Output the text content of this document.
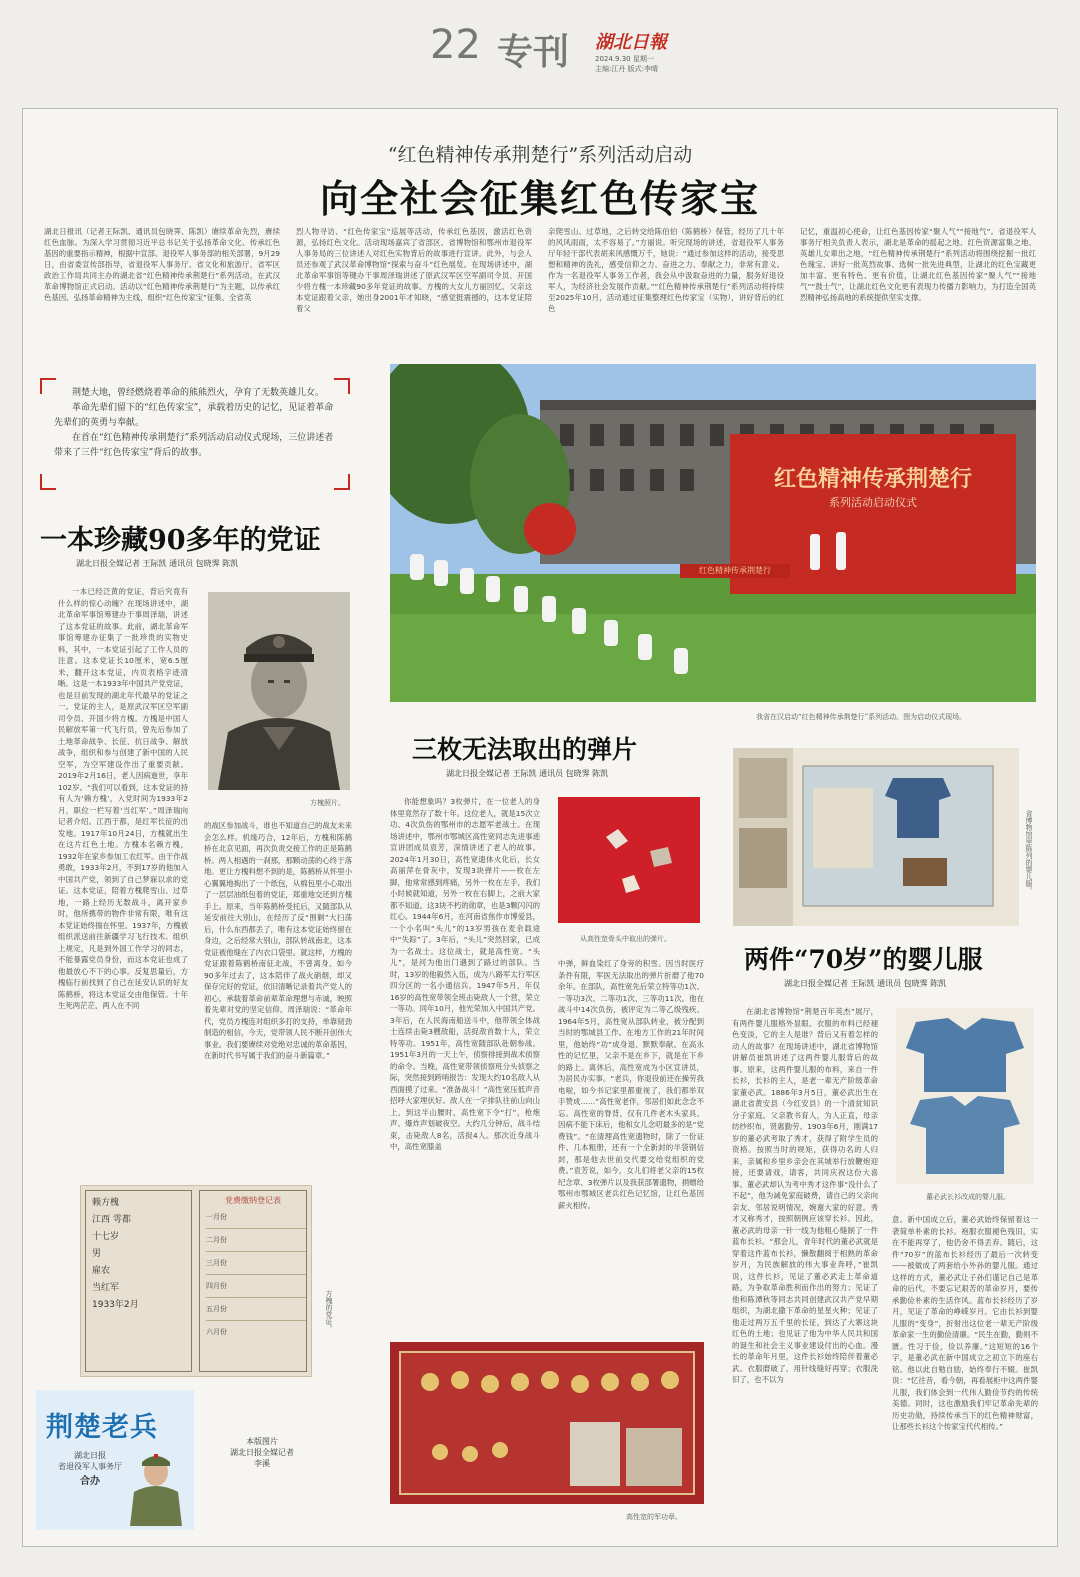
22 专刊 湖北日報
2024.9.30 星期一
主编:江丹 版式:李晴
“红色精神传承荆楚行”系列活动启动
向全社会征集红色传家宝
湖北日报讯（记者王际凯、通讯员包晓霁、陈凯）赓续革命先烈，赓续红色血脉。为深入学习贯彻习近平总书记关于弘扬革命文化、传承红色基因的重要指示精神，根据中宣部、退役军人事务部的相关部署，9月29日，由省委宣传部指导，省退役军人事务厅、省文化和旅游厅、省军区政治工作局共同主办的湖北省“红色精神传承荆楚行”系列活动，在武汉革命博物馆正式启动。活动以“红色精神传承荆楚行”为主题，以传承红色基因、弘扬革命精神为主线，组织“红色传家宝”征集、全省英
烈人物寻访、“红色传家宝”巡展等活动，传承红色基因，激活红色资源，弘扬红色文化。活动现场嘉宾了省部区、省博物馆和鄂州市退役军人事务局的三位讲述人对红色实物背后的故事进行宣讲。此外，与会人员还参观了武汉革命博物馆“探索与奋斗”红色展览。在现场讲述中，湖北革命军事馆等键办干事周泽瑞讲述了原武汉军区空军副司令员、开国少将方槐一本珍藏90多年党证的故事。方槐的大女儿方丽回忆，父亲这本党证跟着父亲，她出身2001年才知晓，“感觉挺震撼的，这本党证陪着父
亲爬雪山、过草地，之后转交给陈伯伯（陈鹤桥）保管，经历了几十年的风风雨雨，太不容易了。”方丽说。听完现场的讲述，省退役军人事务厅年轻干部代表胡来风感慨万千，她说：“通过参加这样的活动，接受思想和精神的洗礼，感受信仰之力、奋进之力、奉献之力，非常有意义。作为一名退役军人事务工作者，我会从中汲取奋进的力量，服务好退役军人，为经济社会发展作贡献。”“红色精神传承荆楚行”系列活动将持续至2025年10月，活动通过征集整理红色传家宝（实物），讲好背后的红色
记忆，重温初心使命，让红色基因传家“聚人气”“接地气”。省退役军人事务厅相关负责人表示，湖北是革命的摇起之地、红色资源富集之地、英雄儿女辈出之地，“红色精神传承荆楚行”系列活动将围绕挖掘一批红色瑰宝、讲好一批英烈故事、选树一批先进典型，让湖北的红色宝藏更加丰富、更有特色、更有价值，让湖北红色基因传家“聚人气”“接地气”“鼓士气”，让湖北红色文化更有表现力传播力影响力，为打造全国英烈精神弘扬高地的系统提供坚实支撑。

荆楚大地，曾经燃烧着革命的熊熊烈火，孕育了无数英雄儿女。

革命先辈们留下的“红色传家宝”，承载着历史的记忆，见证着革命先辈们的英勇与奉献。

在首在“红色精神传承荆楚行”系列活动启动仪式现场，三位讲述者带来了三件“红色传家宝”背后的故事。

一本珍藏90多年的党证
湖北日报全媒记者 王际凯 通讯员 包晓霁 陈凯
一本已经泛黄的党证，背后究竟有什么样的惊心动魄？在现场讲述中，湖北革命军事馆筹建办干事周泽瑞，讲述了这本党证的故事。此前，湖北革命军事馆筹建办征集了一批珍贵的实物史料，其中，一本党证引起了工作人员的注意。这本党证长10厘米，宽6.5厘米，翻开这本党证，内页表格字迹清晰。这是一本1933年中国共产党党证，也是目前发现的湖北年代最早的党证之一。党证的主人，是原武汉军区空军副司令员、开国少将方槐。方槐是中国人民解放军第一代飞行员，曾先后参加了土地革命战争、长征、抗日战争、解放战争，组织和参与创建了新中国的人民空军，为空军建设作出了重要贡献。2019年2月16日，老人因病逝世，享年102岁。“我们可以看到，这本党证的持有人为‘赖方槐’，入党时间为1933年2月，职位一栏写着‘当红军’。”周泽瑞向记者介绍。江西于都，是红军长征的出发地。1917年10月24日，方槐就出生在这片红色土地。方槐本名赖方槐，1932年在家乡参加工农红军。由于作战勇敢，1933年2月，不到17岁的他加入中国共产党，领到了自己梦寐以求的党证。这本党证，陪着方槐爬雪山、过草地，一路上经历无数战斗，离开家乡时，他所携带的物件非常有限，唯有这本党证始终揣在怀里。1937年，方槐被组织派送前往新疆学习飞行技术。组织上规定，凡是到外国工作学习的同志，不能暴露党员身份，而这本党证也成了他最放心不下的心事。反复思量后，方槐临行前找到了自己在延安认识的好友陈鹤桥，将这本党证交由他保管。十年生死两茫茫，两人在不同
方槐照片。
的战区参加战斗，谁也不知道自己的战友未来会怎么样。机缘巧合，12年后，方槐和陈鹤桥在北京见面，再次负责交接工作的正是陈鹤桥。两人相遇的一刹那，那颗动荡的心终于落地。更让方槐料想不到的是，陈鹤桥从怀里小心翼翼地掏出了一个纸包，从棉包里小心取出了一层层油纸包着的党证，郑重地交还到方槐手上。原来，当年陈鹤桥受托后，又随部队从延安前往大别山，在经历了反“围剿”大扫荡后，什么东西都丢了，唯有这本党证始终留在身边，之后经常大别山，部队转战南北，这本党证被他缝在了内衣口袋里。就这样，方槐的党证跟着陈鹤桥南征北战，不曾离身。如今90多年过去了，这本陪伴了战火硝烟，却又保存完好的党证，依旧清晰记录着共产党人的初心，承载着革命前辈革命理想与赤诚，映照着先辈对党的坚定信仰。周泽瑞说：“革命年代，党员方槐连对组织多打的支持，单靠韧劲制造的相信，今天，党带领人民不断开创伟大事业。我们要赓续对党绝对忠诚的革命基因，在新时代书写属于我们的奋斗新篇章。”
赖方槐
江西 雩都
十七岁
男
雇农
当红军
1933年2月
党费缴纳登记表
一月份
二月份
三月份
四月份
五月份
六月份	方槐的党证。
荆楚老兵
湖北日报
省退役军人事务厅
合办
本版图片
湖北日报全媒记者
李溪
红色精神传承荆楚行
系列活动启动仪式
红色精神传承荆楚行
我省在汉启动“红色精神传承荆楚行”系列活动。图为启动仪式现场。
三枚无法取出的弹片
湖北日报全媒记者 王际凯 通讯员 包晓霁 陈凯
你能想象吗？3枚弹片，在一位老人的身体里竟然存了数十年。这位老人，就是15次立功、4次负伤的鄂州市的志愿军老战士。在现场讲述中，鄂州市鄂城区高性宽同志先进事迹宣讲团成员袁芳，深情讲述了老人的故事。2024年1月30日，高性宽遗体火化后，长女高丽萍在骨灰中，发现3块弹片——枚在左脚，他常常感到疼痛，另外一枚在左手，我们小时候就知道，另外一枚在右脚上，之前大家都不知道。这3块不朽的勋章，也是3颗闪闪的红心。1944年6月，在河南省焦作市博爱县，一个小名叫“头儿”的13岁男孩在麦余载途中“失踪”了。3年后，“头儿”突然回家，已成为一名战士。这位战士，就是高性宽。“头儿”，是河为他出门遇到了路过的部队。当时，13岁的他毅然入伍，成为八路军太行军区四分区的一名小通信兵。1947年5月，年仅16岁的高性宽带领全班击毙敌人一个营，荣立一等功。同年10月，他光荣加入中国共产党。3年后，在人民海南船送斗中，他带领全体战士连续击毙3艘敌船，活捉敌首数十人，荣立特等功。1951年，高性宽随部队赴朝参战。1951年3月的一天上午，侦察排接到战术侦察的命令。当晚，高性宽带领侦察班分头侦察之际，突然接到跨哨报告：发现大约10名敌人从西面摸了过来。“准备战斗！”高性宽压低声音招呼大家埋伏好。敌人在一字排队往前山向山上，到这半山腰时，高性宽下令“打”，枪炮声、爆炸声划破夜空。大约几分钟后，战斗结束，击毙敌人8名，活捉4人。那次近身战斗中，高性宽膝盖
从高性宽骨头中取出的弹片。
中弹，鲜血染红了身旁的积雪。因当时医疗条件有限，军医无法取出的弹片折磨了他70余年。在部队，高性宽先后荣立特等功1次、一等功3次、二等功1次、三等功11次。他在战斗中14次负伤，被评定为二等乙级残疾。1964年5月，高性宽从部队转业，被分配到当时的鄂城县工作。在地方工作的21年时间里，他始终“功”成身退、默默奉献。在高永性的记忆里，父亲不是在乡下，就是在下乡的路上。离休后，高性宽成为小区宣讲员，为居民办实事。“老兵，你退役前还在操劳我电啦，如今书记家里都重视了，我们都举双手赞成……”高性宽老伴，邻居们如此念念不忘。高性宽的脊背，仅有几件老木头家具。因病不能下床后，他和女儿念叨最多的是“党费钱”。“在清理高性宽遗物时，除了一份证件、几本粗册，还有一个全新封的半袋钢信封，那是他去世前交代要交给党组织的党费。”袁芳说，如今，女儿们将老父亲的15枚纪念章、3枚弹片以及我获部署遗物，捐赠给鄂州市鄂城区老兵红色记忆馆，让红色基因薪火相传。
高性宽的军功章。
省博物馆里陈列的婴儿服。
两件“70岁”的婴儿服
湖北日报全媒记者 王际凯 通讯员 包晓霁 陈凯
在湖北省博物馆“荆楚百年英杰”展厅，有两件婴儿服格外显眼。衣服的布料已经褪色变淡，它的主人是谁？背后又有着怎样的动人的故事？在现场讲述中，湖北省博物馆讲解员崔凯讲述了这两件婴儿服背后的故事。原来，这两件婴儿服的布料，来自一件长衫，长衫的主人，是老一辈无产阶级革命家董必武。1886年3月5日，董必武出生在湖北省黄安县（今红安县）的一个清贫知识分子家庭。父亲教书育人，为人正直，母亲纺纱织布，贤惠勤劳。1903年6月，刚满17岁的董必武考取了秀才，获得了附学生员的资格。按照当时的规矩，获得功名的人归来，亲属和乡里乡亲会在其城举行放鞭炮迎接，还要请戏，请客，共同庆祝这份大喜事。董必武却认为考中秀才这件事“没什么了不起”，他为减免家庭破费，请自己的父亲向亲友、邻居说明情况，婉谢大家的好意。秀才又称秀才，按照朝例应该穿长衫。因此，董必武的母亲一针一线为他粗心缝制了一件蓝布长衫。“那会儿，青年时代的董必武就是穿着这件蓝布长衫，懒散翻阅于相熟的革命岁月，为民族解放的伟大事业奔呼，”崔凯说，这件长衫，见证了董必武走上革命道路，为争取革命胜利而作出的努力；见证了他和陈潭秋等同志共同创建武汉共产党早期组织，为湖北撒下革命的星星火种；见证了他走过两万五千里的长征，到达了大寨这块红色的土地；也见证了他为中华人民共和国的诞生和社会主义事业建设付出的心血。漫长的革命年月里，这件长衫始终陪伴着董必武。衣服磨破了，用针线缝好再穿；衣服洗旧了，也不以为
董必武长衫改成的婴儿服。
意。新中国成立后，董必武始终保留着这一袭简单朴素的长衫。袍服衣服褪色残旧，实在不能再穿了，他仍舍不得丢弃。随后，这件“70岁”的蓝布长衫经历了最后一次转变——被做成了两套给小外孙的婴儿服。通过这样的方式，董必武让子孙们谨记自己是革命的后代，不要忘记艰苦的革命岁月，要传承勤俭朴素的生活作风。蓝布长衫经历了岁月，见证了革命的峥嵘岁月。它由长衫到婴儿服的“变身”，折射出这位老一辈无产阶级革命家一生的勤俭清廉。“民生在勤，勤则不匮。性习于俭，俭以养廉。”这短短的16个字，是董必武在新中国成立之初立下的座右铭。他以此自勉自励，始终奉行不辍。崔凯说：“忆往昔，看今朝，再看展柜中这两件婴儿服，我们体会到一代伟人勤俭节约的传统美德。同时，这也激励我们牢记革命先辈的历史功勋，持续传承当下的红色精神财富，让那些长衫这个传家宝代代相传。”
